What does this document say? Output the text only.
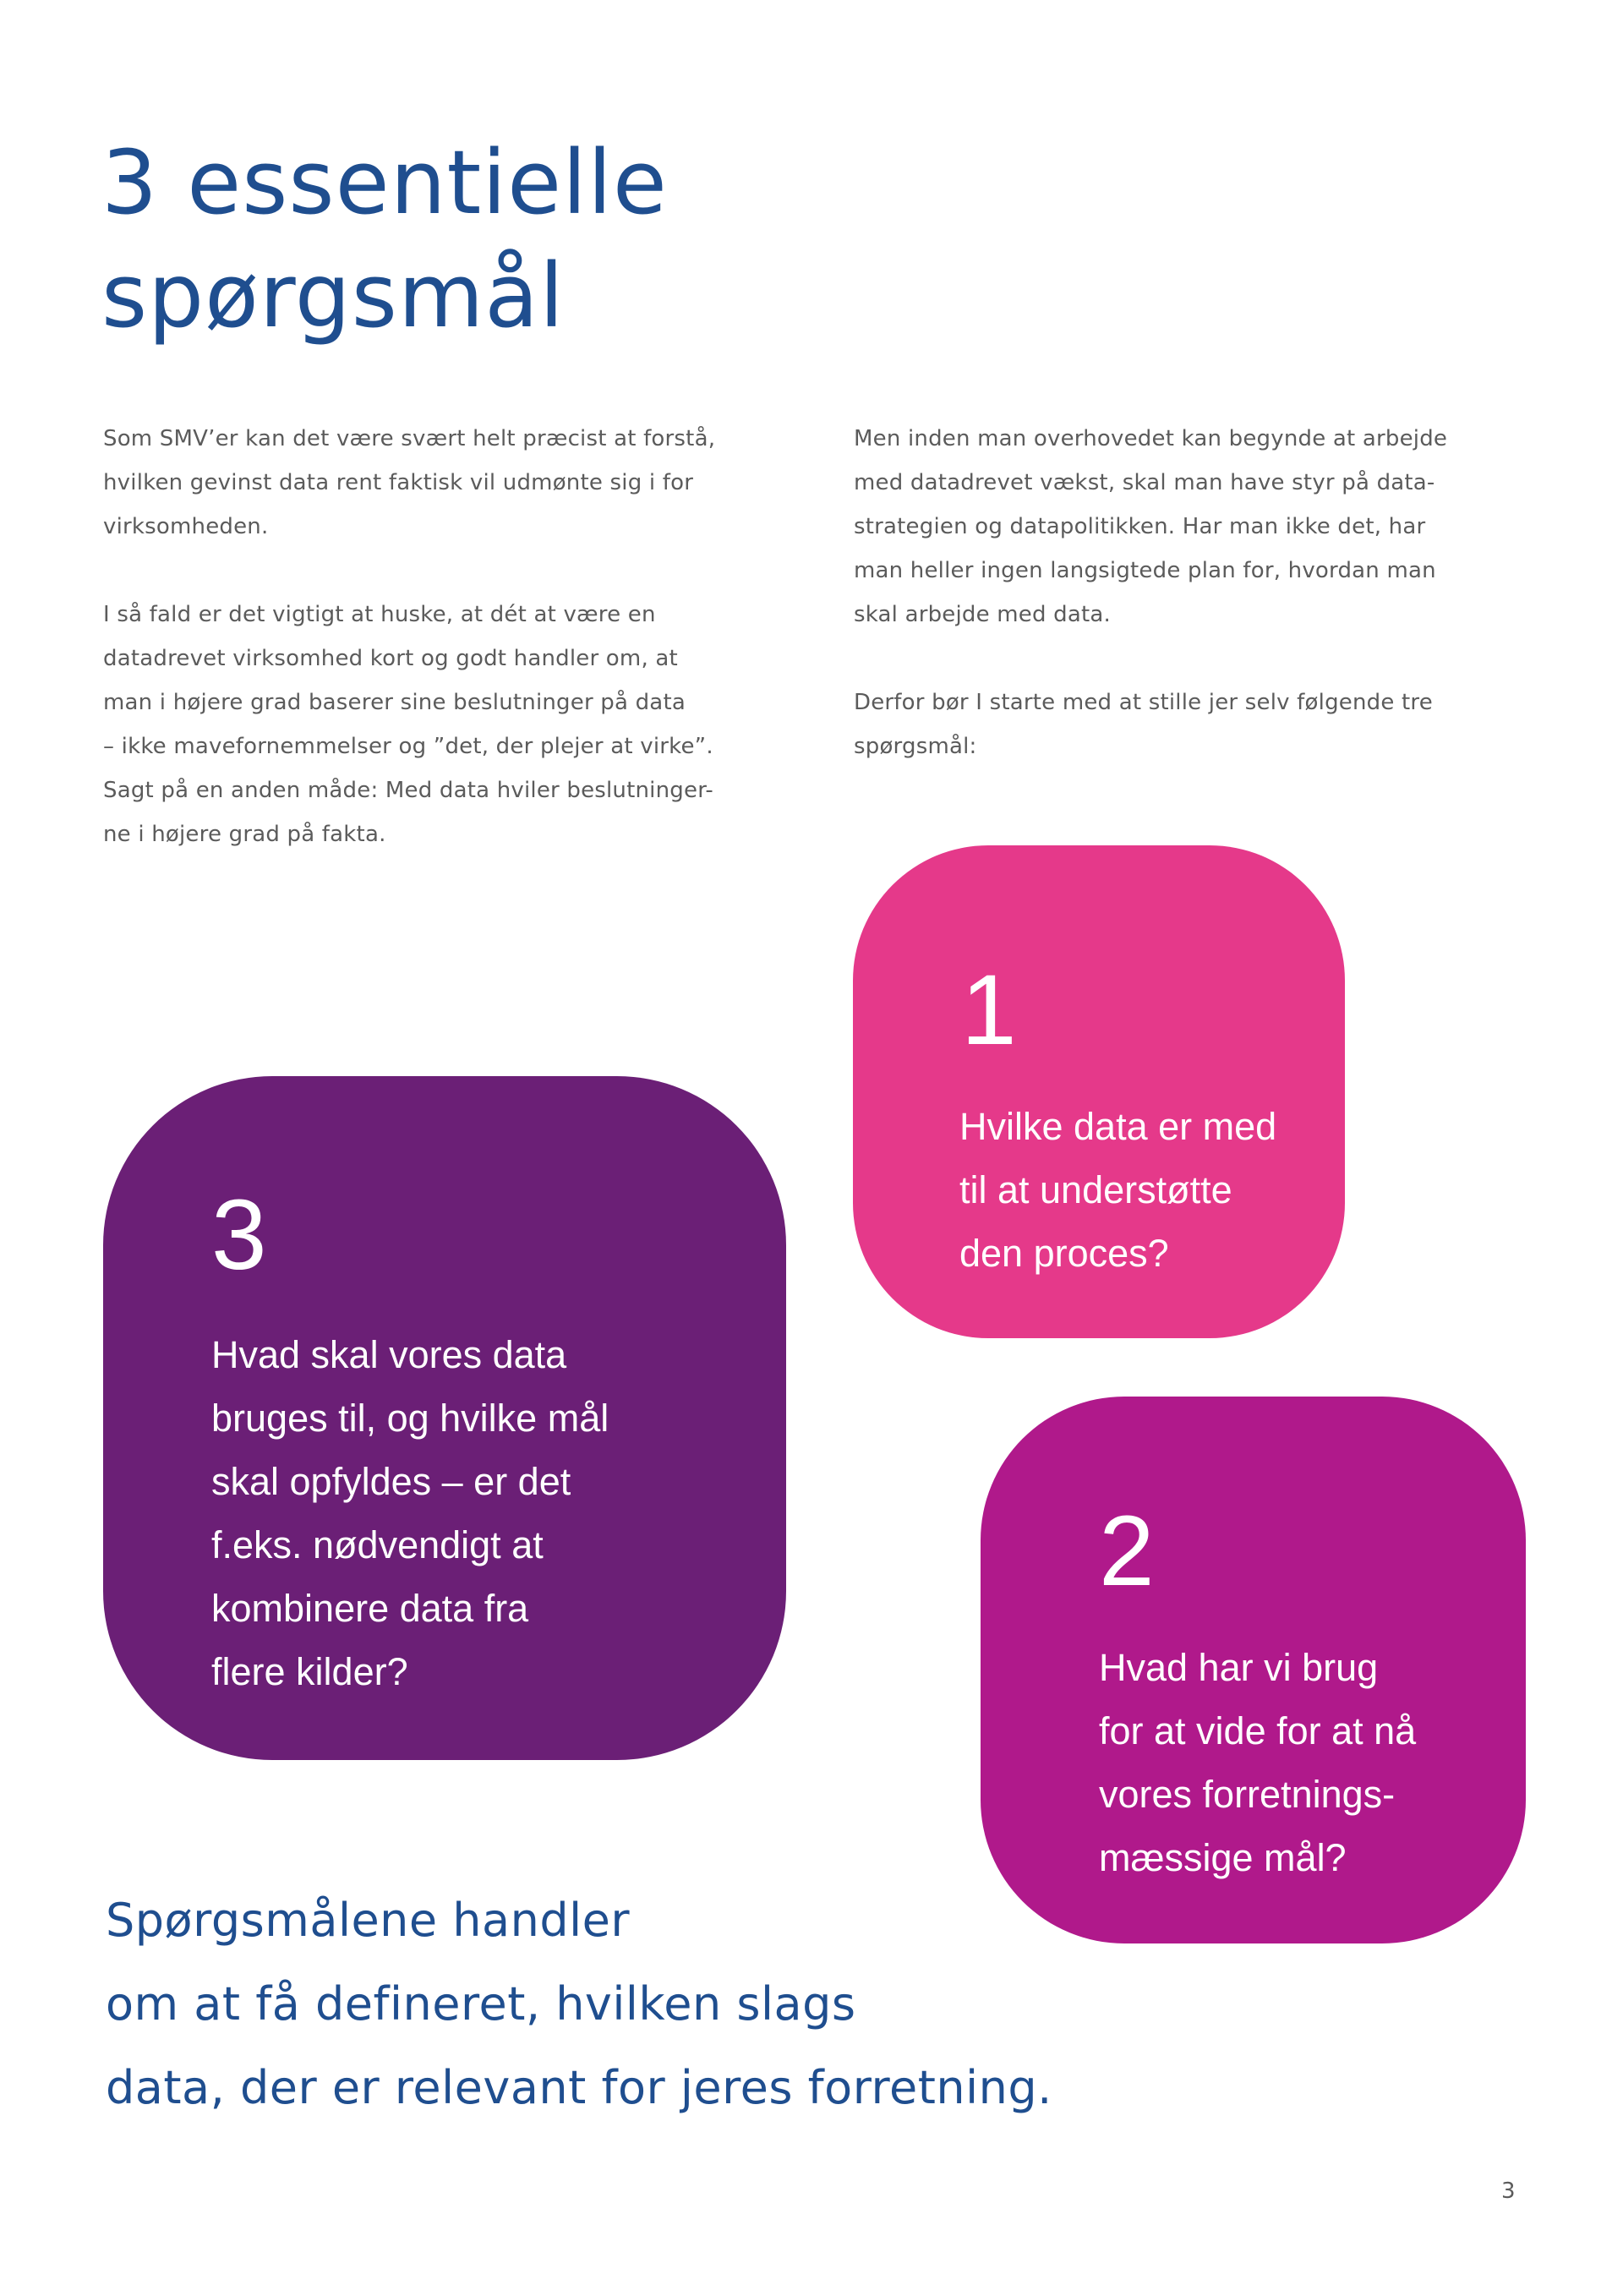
3 essentielle
spørgsmål

Som SMV’er kan det være svært helt præcist at forstå,
hvilken gevinst data rent faktisk vil udmønte sig i for
virksomheden.

I så fald er det vigtigt at huske, at dét at være en
datadrevet virksomhed kort og godt handler om, at
man i højere grad baserer sine beslutninger på data
– ikke mavefornemmelser og ”det, der plejer at virke”.
Sagt på en anden måde: Med data hviler beslutninger-
ne i højere grad på fakta.

Men inden man overhovedet kan begynde at arbejde
med datadrevet vækst, skal man have styr på data-
strategien og datapolitikken. Har man ikke det, har
man heller ingen langsigtede plan for, hvordan man
skal arbejde med data.

Derfor bør I starte med at stille jer selv følgende tre
spørgsmål:

1
Hvilke data er med
til at understøtte
den proces?
3
Hvad skal vores data
bruges til, og hvilke mål
skal opfyldes – er det
f.eks. nødvendigt at
kombinere data fra
flere kilder?
2
Hvad har vi brug
for at vide for at nå
vores forretnings-
mæssige mål?
Spørgsmålene handler
om at få defineret, hvilken slags
data, der er relevant for jeres forretning.
3
